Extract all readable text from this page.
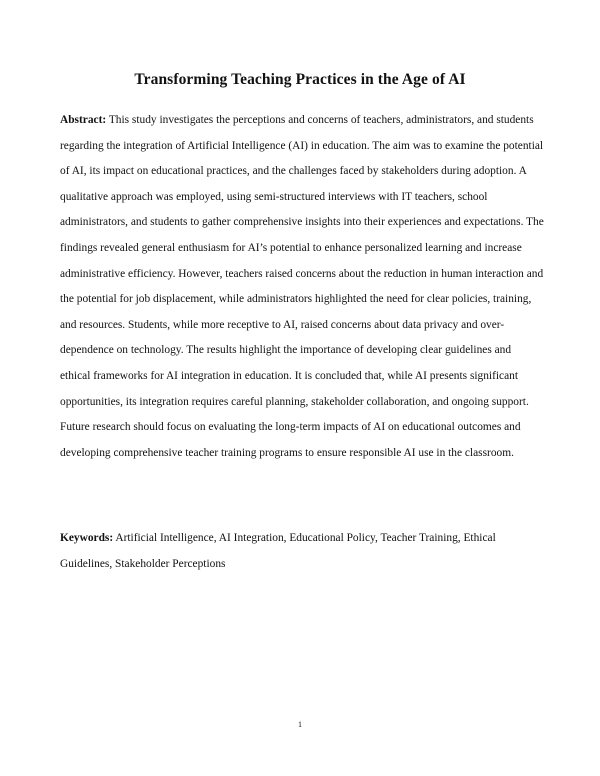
Transforming Teaching Practices in the Age of AI

Abstract: This study investigates the perceptions and concerns of teachers, administrators, and students regarding the integration of Artificial Intelligence (AI) in education. The aim was to examine the potential of AI, its impact on educational practices, and the challenges faced by stakeholders during adoption. A qualitative approach was employed, using semi-structured interviews with IT teachers, school administrators, and students to gather comprehensive insights into their experiences and expectations. The findings revealed general enthusiasm for AI’s potential to enhance personalized learning and increase administrative efficiency. However, teachers raised concerns about the reduction in human interaction and the potential for job displacement, while administrators highlighted the need for clear policies, training, and resources. Students, while more receptive to AI, raised concerns about data privacy and over-dependence on technology. The results highlight the importance of developing clear guidelines and ethical frameworks for AI integration in education. It is concluded that, while AI presents significant opportunities, its integration requires careful planning, stakeholder collaboration, and ongoing support. Future research should focus on evaluating the long-term impacts of AI on educational outcomes and developing comprehensive teacher training programs to ensure responsible AI use in the classroom.

Keywords: Artificial Intelligence, AI Integration, Educational Policy, Teacher Training, Ethical Guidelines, Stakeholder Perceptions

1
